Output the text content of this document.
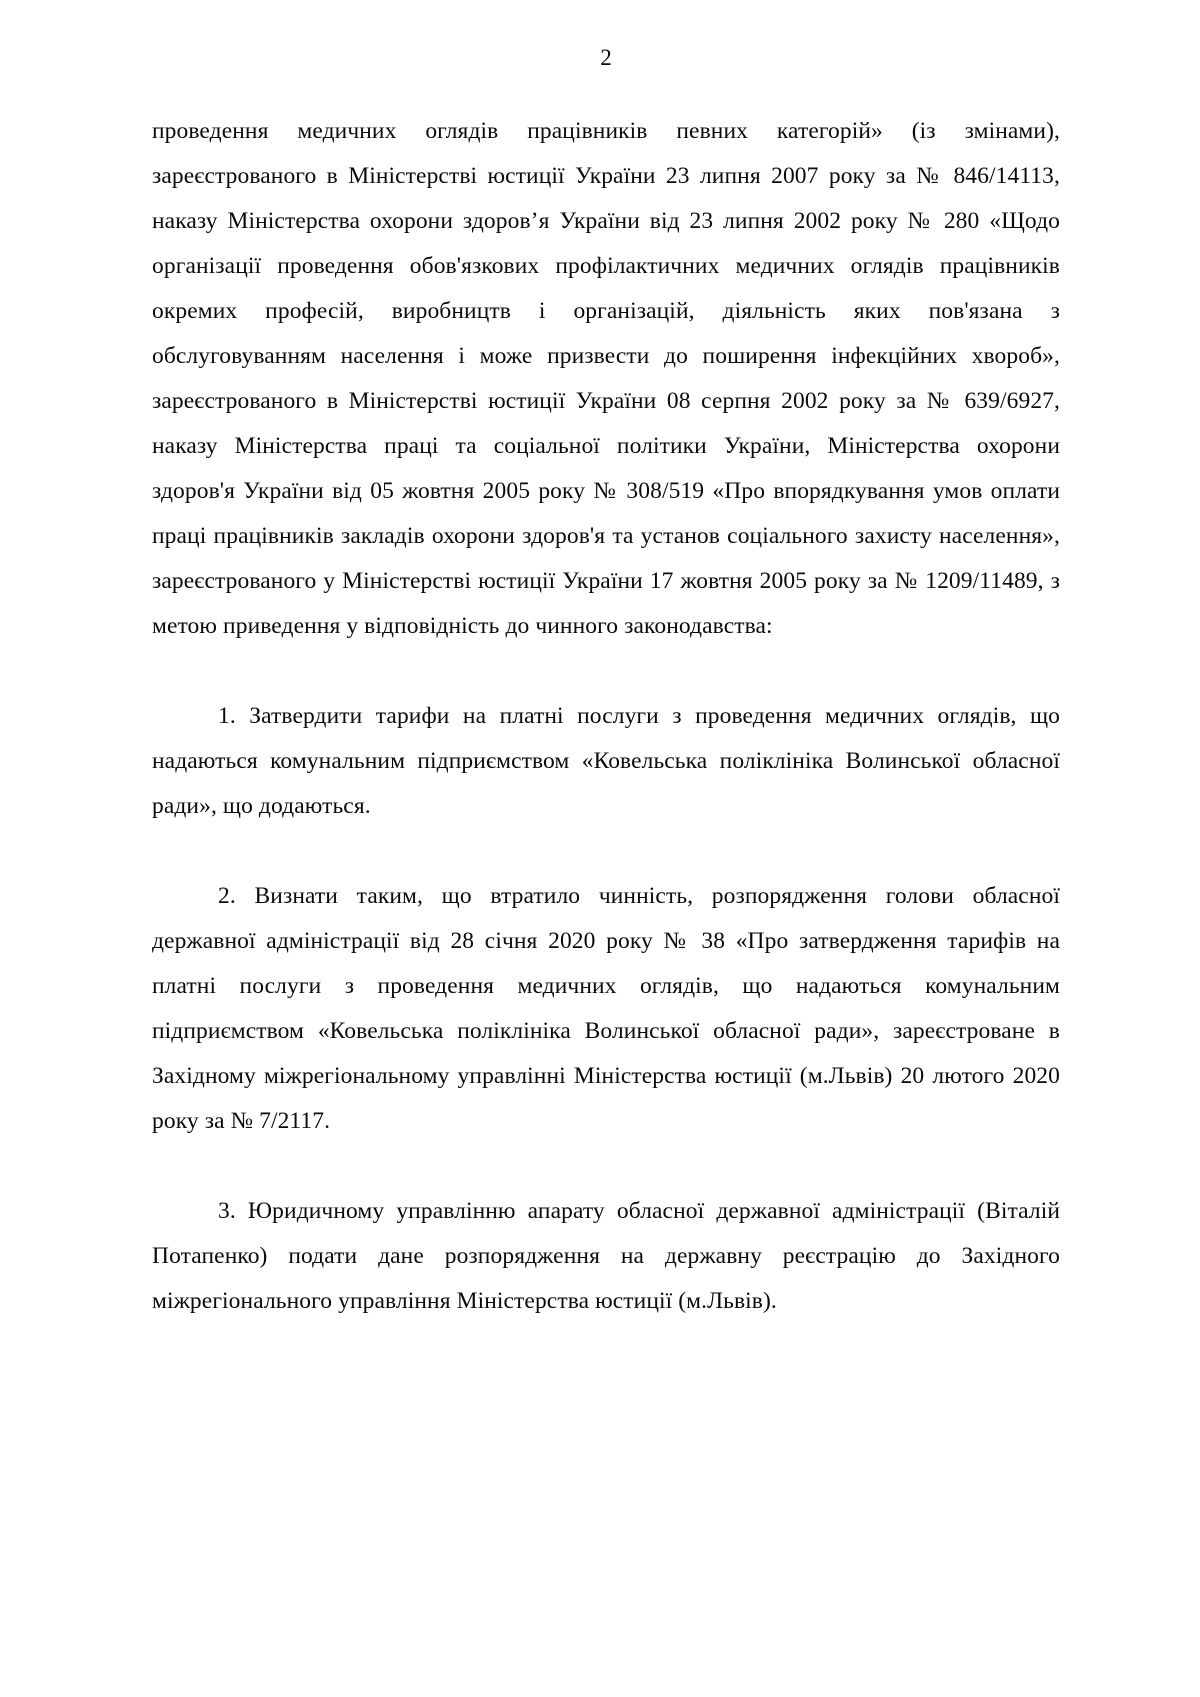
2

проведення медичних оглядів працівників певних категорій» (із змінами), зареєстрованого в Міністерстві юстиції України 23 липня 2007 року за № 846/14113, наказу Міністерства охорони здоров’я України від 23 липня 2002 року № 280 «Щодо організації проведення обов'язкових профілактичних медичних оглядів працівників окремих професій, виробництв і організацій, діяльність яких пов'язана з обслуговуванням населення і може призвести до поширення інфекційних хвороб», зареєстрованого в Міністерстві юстиції України 08 серпня 2002 року за № 639/6927, наказу Міністерства праці та соціальної політики України, Міністерства охорони здоров'я України від 05 жовтня 2005 року № 308/519 «Про впорядкування умов оплати праці працівників закладів охорони здоров'я та установ соціального захисту населення», зареєстрованого у Міністерстві юстиції України 17 жовтня 2005 року за № 1209/11489, з метою приведення у відповідність до чинного законодавства:

1. Затвердити тарифи на платні послуги з проведення медичних оглядів, що надаються комунальним підприємством «Ковельська поліклініка Волинської обласної ради», що додаються.

2. Визнати таким, що втратило чинність, розпорядження голови обласної державної адміністрації від 28 січня 2020 року № 38 «Про затвердження тарифів на платні послуги з проведення медичних оглядів, що надаються комунальним підприємством «Ковельська поліклініка Волинської обласної ради», зареєстроване в Західному міжрегіональному управлінні Міністерства юстиції (м.Львів) 20 лютого 2020 року за № 7/2117.

3. Юридичному управлінню апарату обласної державної адміністрації (Віталій Потапенко) подати дане розпорядження на державну реєстрацію до Західного міжрегіонального управління Міністерства юстиції (м.Львів).
